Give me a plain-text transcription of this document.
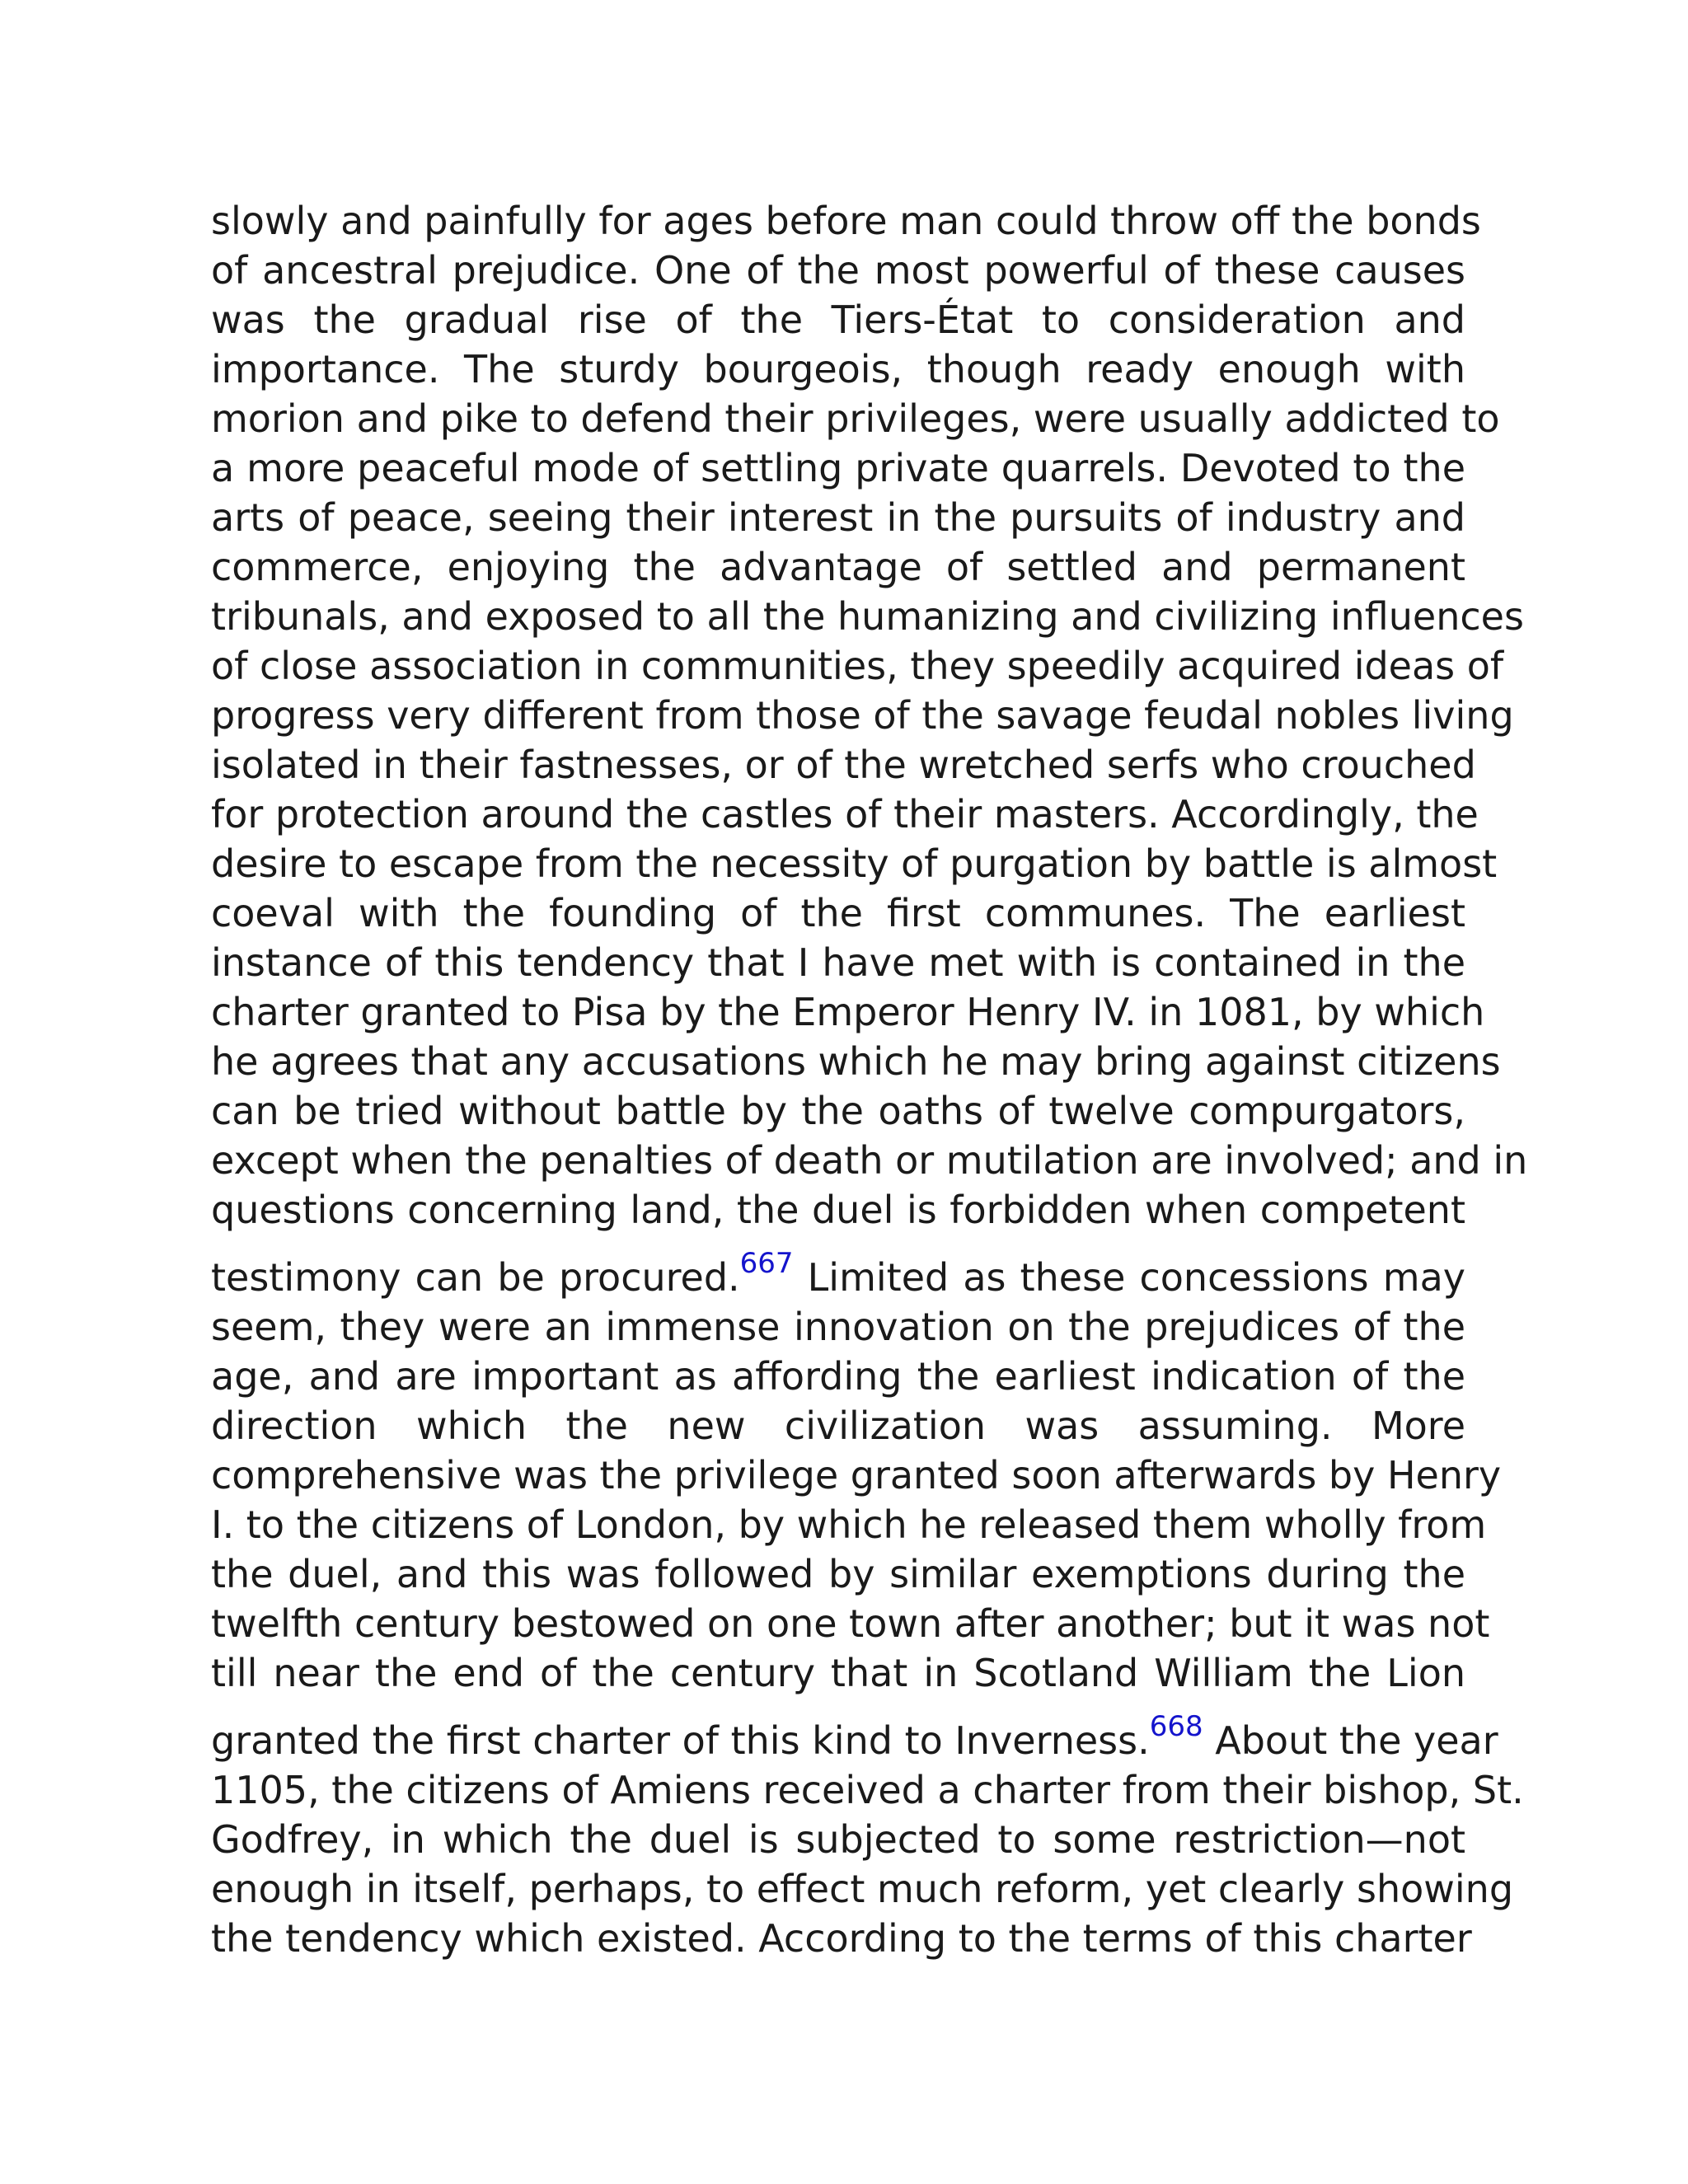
slowly and painfully for ages before man could throw off the bonds
of ancestral prejudice. One of the most powerful of these causes
was the gradual rise of the Tiers-État to consideration and
importance. The sturdy bourgeois, though ready enough with
morion and pike to defend their privileges, were usually addicted to
a more peaceful mode of settling private quarrels. Devoted to the
arts of peace, seeing their interest in the pursuits of industry and
commerce, enjoying the advantage of settled and permanent
tribunals, and exposed to all the humanizing and civilizing influences
of close association in communities, they speedily acquired ideas of
progress very different from those of the savage feudal nobles living
isolated in their fastnesses, or of the wretched serfs who crouched
for protection around the castles of their masters. Accordingly, the
desire to escape from the necessity of purgation by battle is almost
coeval with the founding of the first communes. The earliest
instance of this tendency that I have met with is contained in the
charter granted to Pisa by the Emperor Henry IV. in 1081, by which
he agrees that any accusations which he may bring against citizens
can be tried without battle by the oaths of twelve compurgators,
except when the penalties of death or mutilation are involved; and in
questions concerning land, the duel is forbidden when competent
testimony can be procured.$^{667}$ Limited as these concessions may
seem, they were an immense innovation on the prejudices of the
age, and are important as affording the earliest indication of the
direction which the new civilization was assuming. More
comprehensive was the privilege granted soon afterwards by Henry
I. to the citizens of London, by which he released them wholly from
the duel, and this was followed by similar exemptions during the
twelfth century bestowed on one town after another; but it was not
till near the end of the century that in Scotland William the Lion
granted the first charter of this kind to Inverness.$^{668}$ About the year
1105, the citizens of Amiens received a charter from their bishop, St.
Godfrey, in which the duel is subjected to some restriction—not
enough in itself, perhaps, to effect much reform, yet clearly showing
the tendency which existed. According to the terms of this charter
